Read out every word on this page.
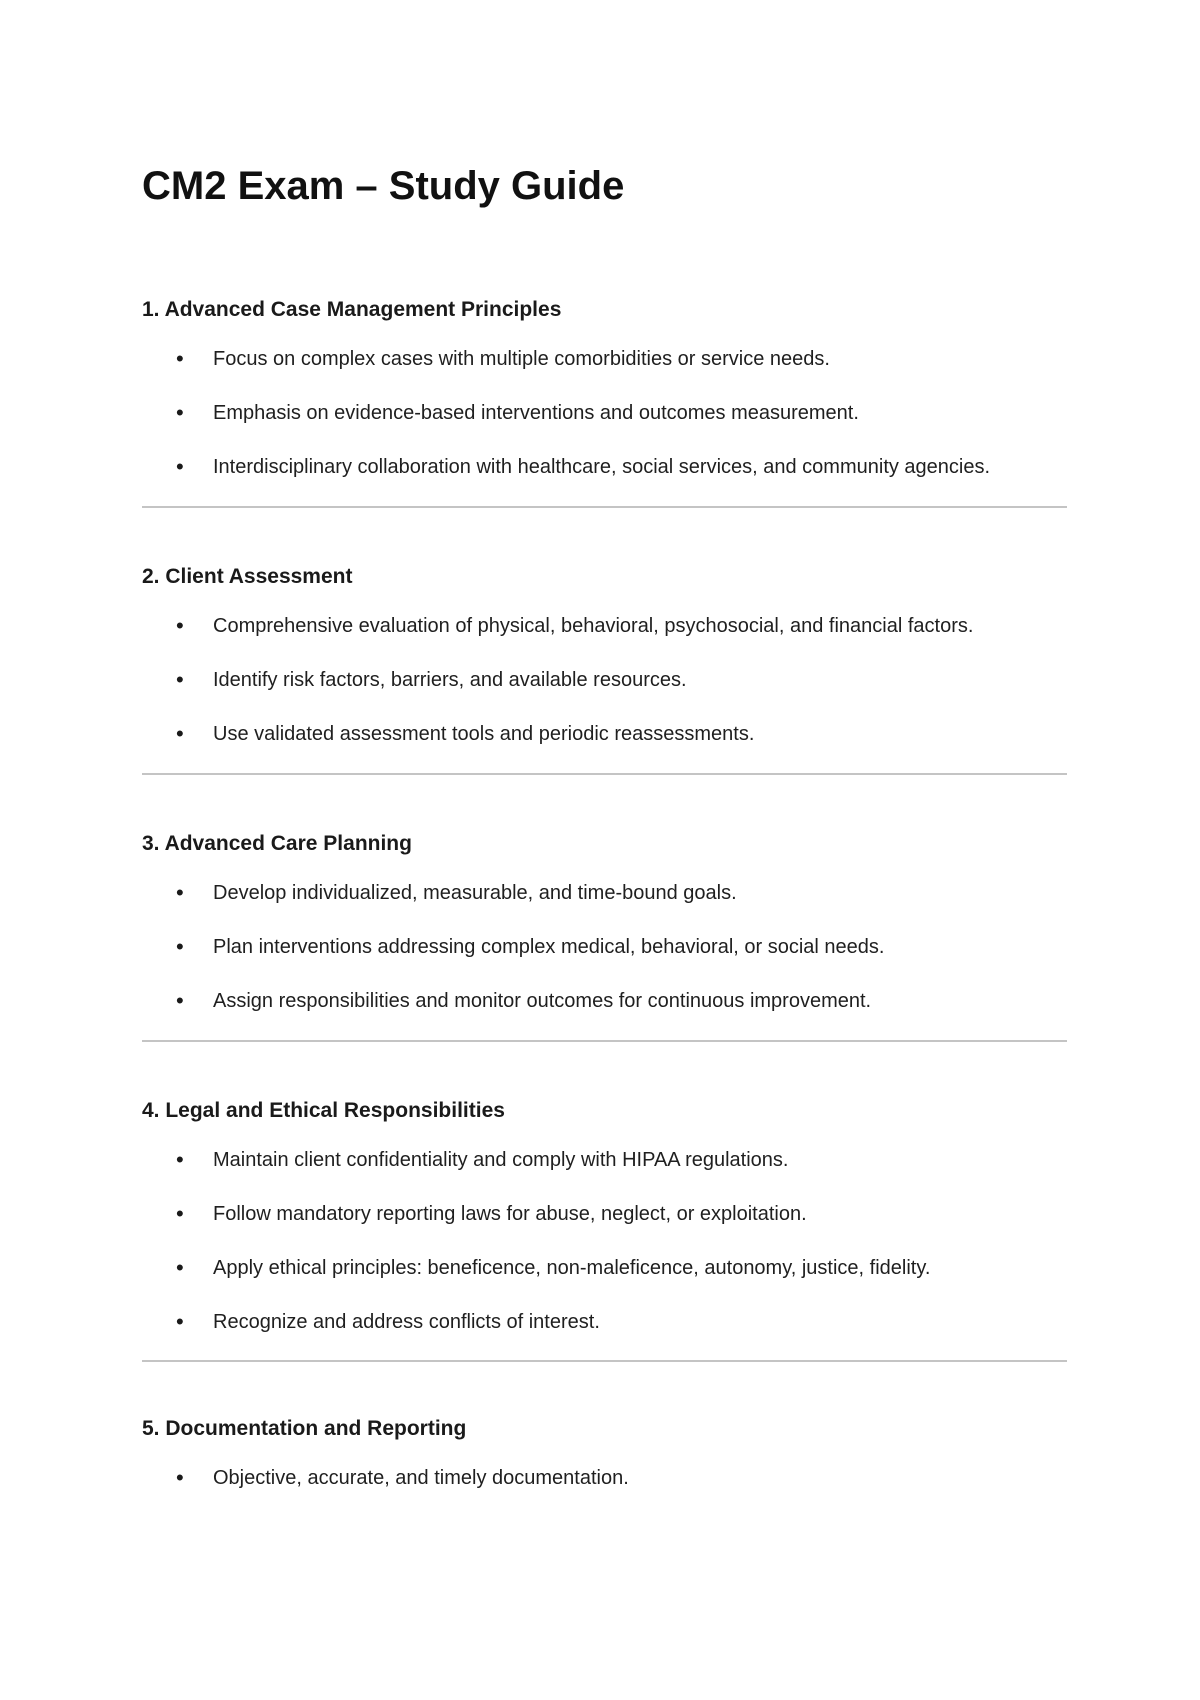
CM2 Exam – Study Guide
1. Advanced Case Management Principles
• Focus on complex cases with multiple comorbidities or service needs.
• Emphasis on evidence-based interventions and outcomes measurement.
• Interdisciplinary collaboration with healthcare, social services, and community agencies.
2. Client Assessment
• Comprehensive evaluation of physical, behavioral, psychosocial, and financial factors.
• Identify risk factors, barriers, and available resources.
• Use validated assessment tools and periodic reassessments.
3. Advanced Care Planning
• Develop individualized, measurable, and time-bound goals.
• Plan interventions addressing complex medical, behavioral, or social needs.
• Assign responsibilities and monitor outcomes for continuous improvement.
4. Legal and Ethical Responsibilities
• Maintain client confidentiality and comply with HIPAA regulations.
• Follow mandatory reporting laws for abuse, neglect, or exploitation.
• Apply ethical principles: beneficence, non-maleficence, autonomy, justice, fidelity.
• Recognize and address conflicts of interest.
5. Documentation and Reporting
• Objective, accurate, and timely documentation.
